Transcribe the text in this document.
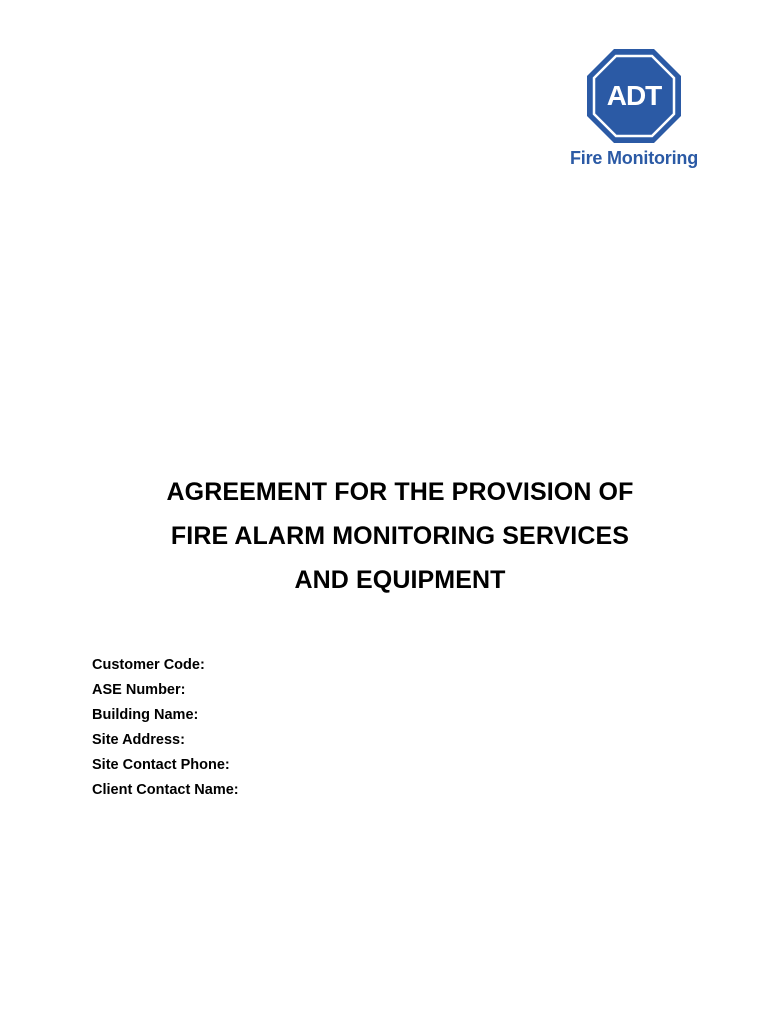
ADT
Fire Monitoring
AGREEMENT FOR THE PROVISION OF
FIRE ALARM MONITORING SERVICES
AND EQUIPMENT
Customer Code:
ASE Number:
Building Name:
Site Address:
Site Contact Phone:
Client Contact Name:
